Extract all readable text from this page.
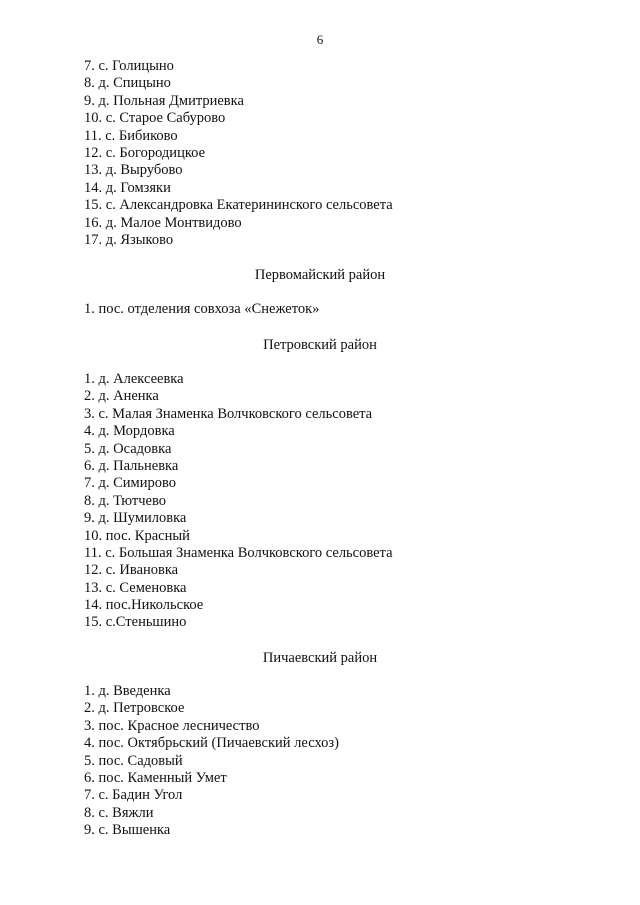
6
7. с. Голицыно
8. д. Спицыно
9. д. Польная Дмитриевка
10. с. Старое Сабурово
11. с. Бибиково
12. с. Богородицкое
13. д. Вырубово
14. д. Гомзяки
15. с. Александровка Екатерининского сельсовета
16. д. Малое Монтвидово
17. д. Языково
Первомайский район
1. пос. отделения совхоза «Снежеток»
Петровский район
1. д. Алексеевка
2. д. Аненка
3. с. Малая Знаменка Волчковского сельсовета
4. д. Мордовка
5. д. Осадовка
6. д. Пальневка
7. д. Симирово
8. д. Тютчево
9. д. Шумиловка
10. пос. Красный
11. с. Большая Знаменка Волчковского сельсовета
12. с. Ивановка
13. с. Семеновка
14. пос.Никольское
15. с.Стеньшино
Пичаевский район
1. д. Введенка
2. д. Петровское
3. пос. Красное лесничество
4. пос. Октябрьский (Пичаевский лесхоз)
5. пос. Садовый
6. пос. Каменный Умет
7. с. Бадин Угол
8. с. Вяжли
9. с. Вышенка
